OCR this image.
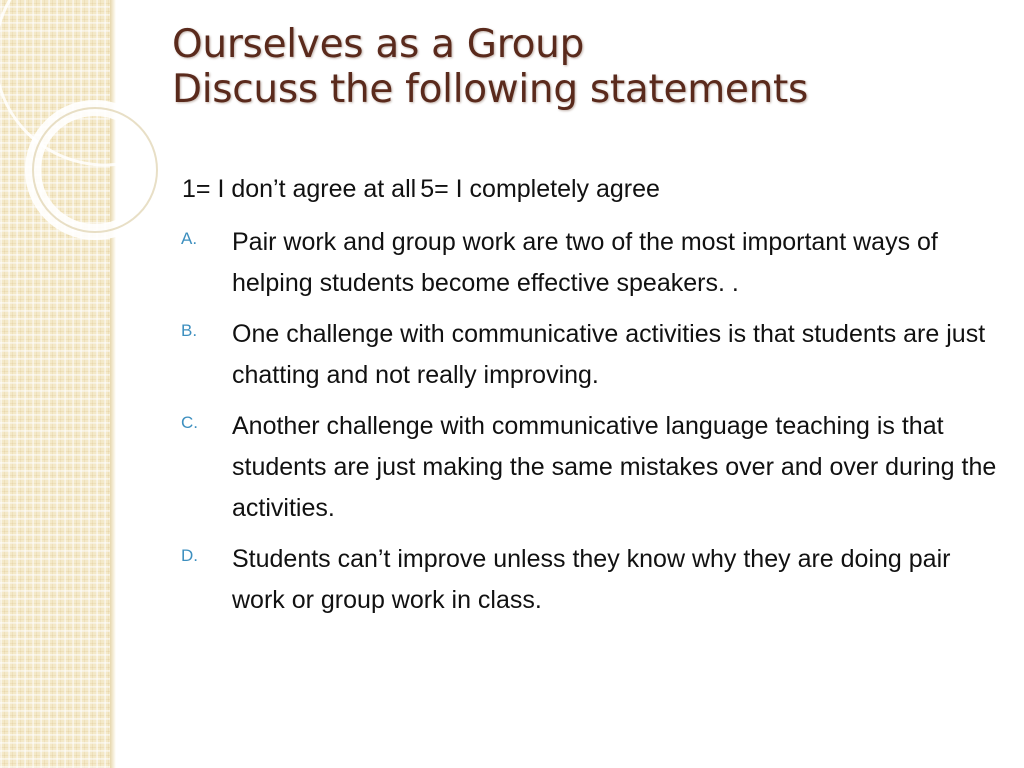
Ourselves as a Group
Discuss the following statements
1= I don’t agree at all 5= I completely agree
A. Pair work and group work are two of the most important ways of helping students become effective speakers. .
B. One challenge with communicative activities is that students are just chatting and not really improving.
C. Another challenge with communicative language teaching is that students are just making the same mistakes over and over during the activities.
D. Students can’t improve unless they know why they are doing pair work or group work in class.
